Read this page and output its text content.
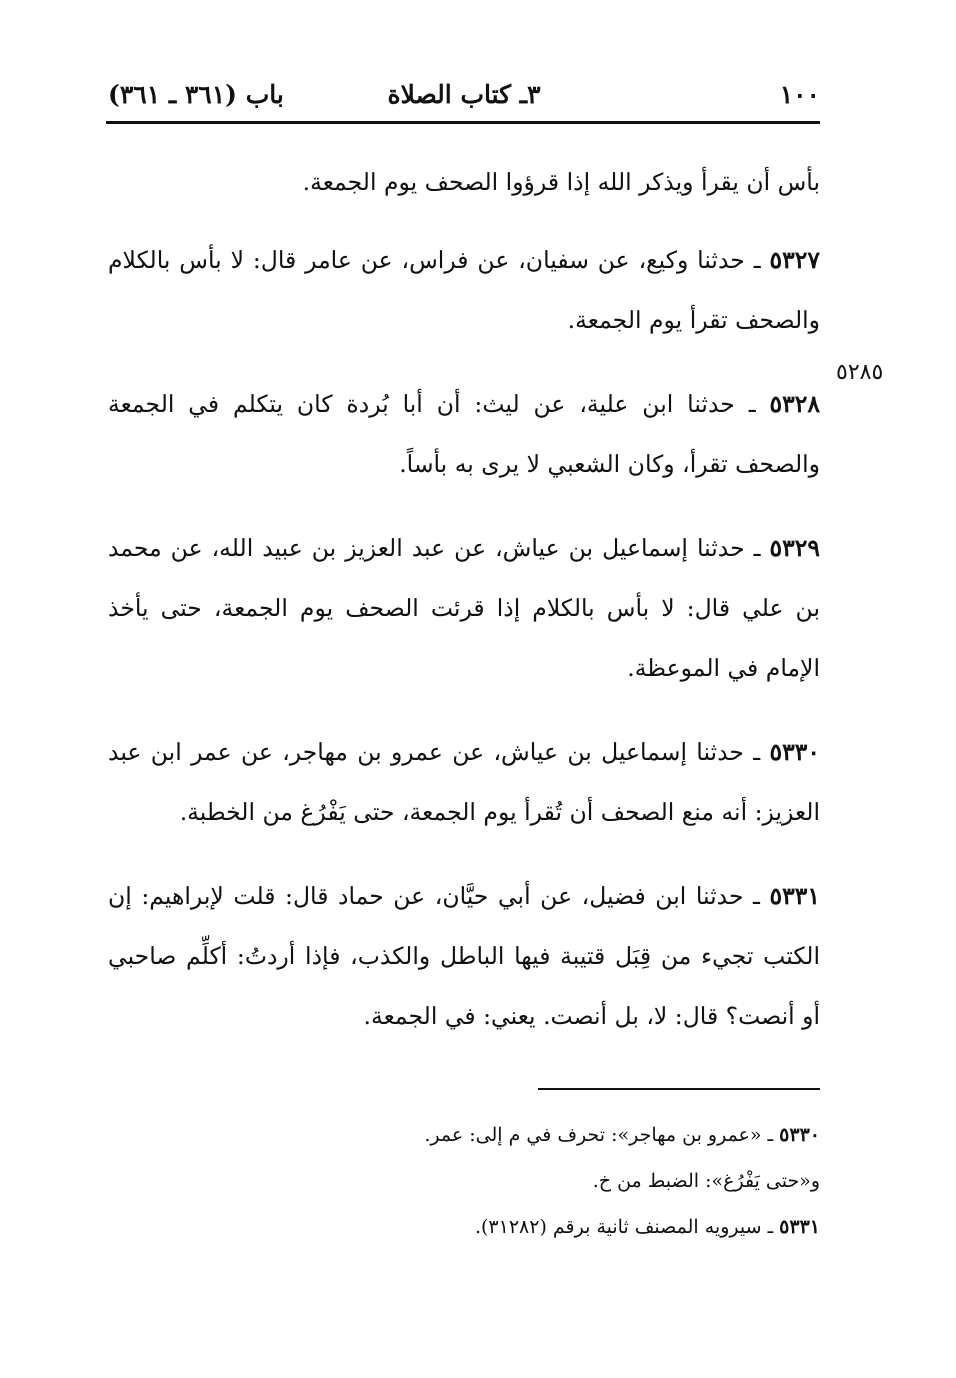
١٠٠
٣ـ كتاب الصلاة
باب (٣٦١ ـ ٣٦١)
٥٢٨٥

بأس أن يقرأ ويذكر الله إذا قرؤوا الصحف يوم الجمعة.

٥٣٢٧ ـ حدثنا وكيع، عن سفيان، عن فراس، عن عامر قال: لا بأس بالكلام والصحف تقرأ يوم الجمعة.

٥٣٢٨ ـ حدثنا ابن علية، عن ليث: أن أبا بُردة كان يتكلم في الجمعة والصحف تقرأ، وكان الشعبي لا يرى به بأساً.

٥٣٢٩ ـ حدثنا إسماعيل بن عياش، عن عبد العزيز بن عبيد الله، عن محمد بن علي قال: لا بأس بالكلام إذا قرئت الصحف يوم الجمعة، حتى يأخذ الإمام في الموعظة.

٥٣٣٠ ـ حدثنا إسماعيل بن عياش، عن عمرو بن مهاجر، عن عمر ابن عبد العزيز: أنه منع الصحف أن تُقرأ يوم الجمعة، حتى يَفْرُغ من الخطبة.

٥٣٣١ ـ حدثنا ابن فضيل، عن أبي حيَّان، عن حماد قال: قلت لإبراهيم: إن الكتب تجيء من قِبَل قتيبة فيها الباطل والكذب، فإذا أردتُ: أكلِّم صاحبي أو أنصت؟ قال: لا، بل أنصت. يعني: في الجمعة.

٥٣٣٠ ـ «عمرو بن مهاجر»: تحرف في م إلى: عمر.

و«حتى يَفْرُغ»: الضبط من خ.

٥٣٣١ ـ سيرويه المصنف ثانية برقم (٣١٢٨٢).
